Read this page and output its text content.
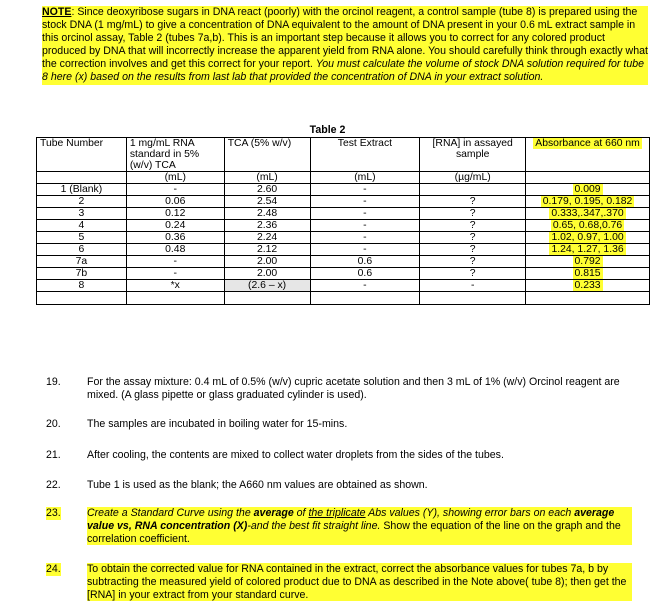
NOTE: Since deoxyribose sugars in DNA react (poorly) with the orcinol reagent, a control sample (tube 8) is prepared using the stock DNA (1 mg/mL) to give a concentration of DNA equivalent to the amount of DNA present in your 0.6 mL extract sample in this orcinol assay, Table 2 (tubes 7a,b). This is an important step because it allows you to correct for any colored product produced by DNA that will incorrectly increase the apparent yield from RNA alone. You should carefully think through exactly what the correction involves and get this correct for your report. You must calculate the volume of stock DNA solution required for tube 8 here (x) based on the results from last lab that provided the concentration of DNA in your extract solution.

Table 2
Tube Number	1 mg/mL RNA standard in 5% (w/v) TCA	TCA (5% w/v)	Test Extract	[RNA] in assayed sample	Absorbance at 660 nm
	(mL)	(mL)	(mL)	(µg/mL)	
1 (Blank)	-	2.60	-		0.009
2	0.06	2.54	-	?	0.179, 0.195, 0.182
3	0.12	2.48	-	?	0.333,.347,.370
4	0.24	2.36	-	?	0.65, 0.68,0.76
5	0.36	2.24	-	?	1.02, 0.97, 1.00
6	0.48	2.12	-	?	1.24, 1.27, 1.36
7a	-	2.00	0.6	?	0.792
7b	-	2.00	0.6	?	0.815
8	*x	(2.6 – x)	-	-	0.233

19. For the assay mixture: 0.4 mL of 0.5% (w/v) cupric acetate solution and then 3 mL of 1% (w/v) Orcinol reagent are mixed. (A glass pipette or glass graduated cylinder is used).
20. The samples are incubated in boiling water for 15-mins.
21. After cooling, the contents are mixed to collect water droplets from the sides of the tubes.
22. Tube 1 is used as the blank; the A660 nm values are obtained as shown.
23. Create a Standard Curve using the average of the triplicate Abs values (Y), showing error bars on each average value vs, RNA concentration (X)-and the best fit straight line. Show the equation of the line on the graph and the correlation coefficient.
24. To obtain the corrected value for RNA contained in the extract, correct the absorbance values for tubes 7a, b by subtracting the measured yield of colored product due to DNA as described in the Note above( tube 8); then get the [RNA] in your extract from your standard curve.
